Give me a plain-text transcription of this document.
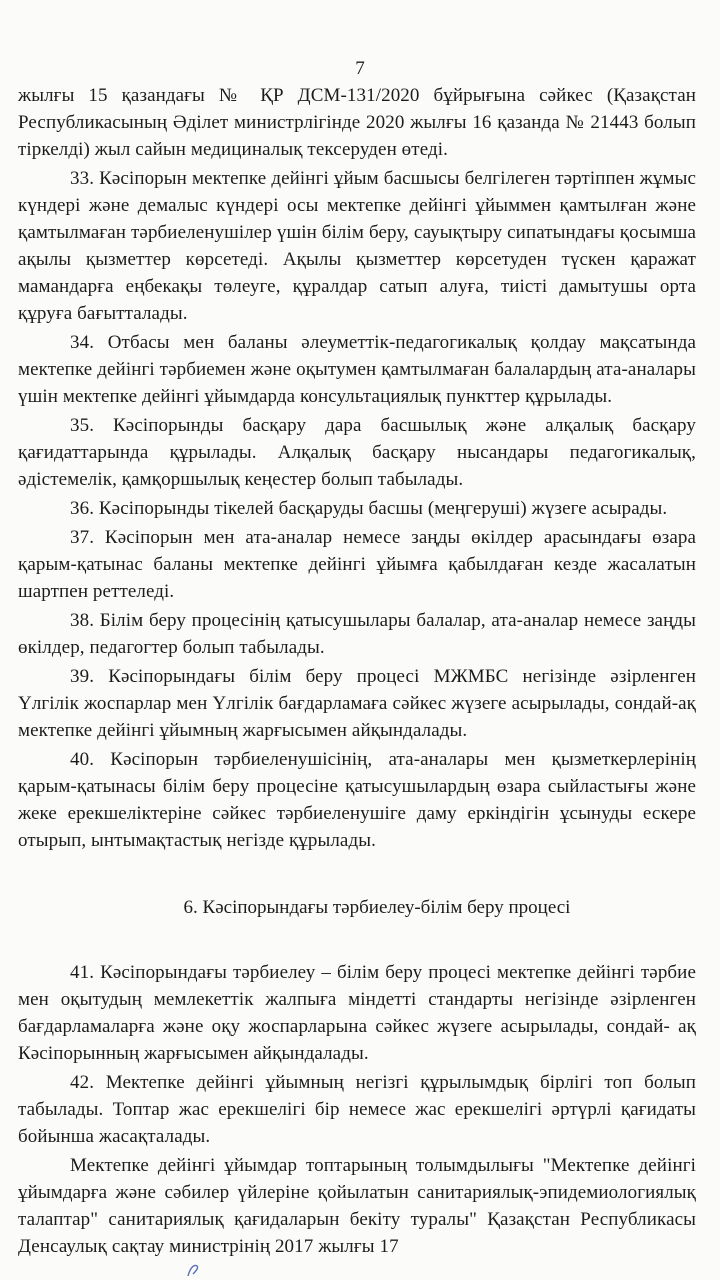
7

жылғы 15 қазандағы № ҚР ДСМ-131/2020 бұйрығына сәйкес (Қазақстан Республикасының Әділет министрлігінде 2020 жылғы 16 қазанда № 21443 болып тіркелді) жыл сайын медициналық тексеруден өтеді.

33. Кәсіпорын мектепке дейінгі ұйым басшысы белгілеген тәртіппен жұмыс күндері және демалыс күндері осы мектепке дейінгі ұйыммен қамтылған және қамтылмаған тәрбиеленушілер үшін білім беру, сауықтыру сипатындағы қосымша ақылы қызметтер көрсетеді. Ақылы қызметтер көрсетуден түскен қаражат мамандарға еңбекақы төлеуге, құралдар сатып алуға, тиісті дамытушы орта құруға бағытталады.

34. Отбасы мен баланы әлеуметтік-педагогикалық қолдау мақсатында мектепке дейінгі тәрбиемен және оқытумен қамтылмаған балалардың ата-аналары үшін мектепке дейінгі ұйымдарда консультациялық пункттер құрылады.

35. Кәсіпорынды басқару дара басшылық және алқалық басқару қағидаттарында құрылады. Алқалық басқару нысандары педагогикалық, әдістемелік, қамқоршылық кеңестер болып табылады.

36. Кәсіпорынды тікелей басқаруды басшы (меңгеруші) жүзеге асырады.

37. Кәсіпорын мен ата-аналар немесе заңды өкілдер арасындағы өзара қарым-қатынас баланы мектепке дейінгі ұйымға қабылдаған кезде жасалатын шартпен реттеледі.

38. Білім беру процесінің қатысушылары балалар, ата-аналар немесе заңды өкілдер, педагогтер болып табылады.

39. Кәсіпорындағы білім беру процесі МЖМБС негізінде әзірленген Үлгілік жоспарлар мен Үлгілік бағдарламаға сәйкес жүзеге асырылады, сондай-ақ мектепке дейінгі ұйымның жарғысымен айқындалады.

40. Кәсіпорын тәрбиеленушісінің, ата-аналары мен қызметкерлерінің қарым-қатынасы білім беру процесіне қатысушылардың өзара сыйластығы және жеке ерекшеліктеріне сәйкес тәрбиеленушіге даму еркіндігін ұсынуды ескере отырып, ынтымақтастық негізде құрылады.

6. Кәсіпорындағы тәрбиелеу-білім беру процесі

41. Кәсіпорындағы тәрбиелеу – білім беру процесі мектепке дейінгі тәрбие мен оқытудың мемлекеттік жалпыға міндетті стандарты негізінде әзірленген бағдарламаларға және оқу жоспарларына сәйкес жүзеге асырылады, сондай- ақ Кәсіпорынның жарғысымен айқындалады.

42. Мектепке дейінгі ұйымның негізгі құрылымдық бірлігі топ болып табылады. Топтар жас ерекшелігі бір немесе жас ерекшелігі әртүрлі қағидаты бойынша жасақталады.

Мектепке дейінгі ұйымдар топтарының толымдылығы "Мектепке дейінгі ұйымдарға және сәбилер үйлеріне қойылатын санитариялық-эпидемиологиялық талаптар" санитариялық қағидаларын бекіту туралы" Қазақстан Республикасы Денсаулық сақтау министрінің 2017 жылғы 17
